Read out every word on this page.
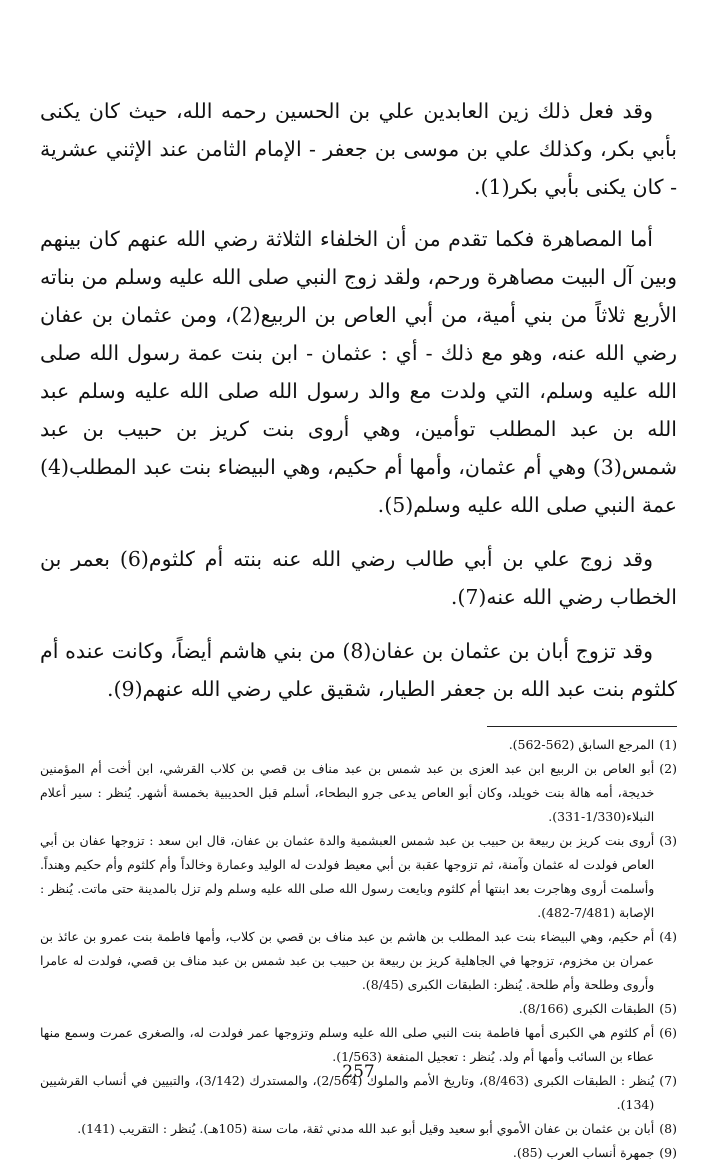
وقد فعل ذلك زين العابدين علي بن الحسين رحمه الله، حيث كان يكنى بأبي بكر، وكذلك علي بن موسى بن جعفر - الإمام الثامن عند الإثني عشرية - كان يكنى بأبي بكر(1).

أما المصاهرة فكما تقدم من أن الخلفاء الثلاثة رضي الله عنهم كان بينهم وبين آل البيت مصاهرة ورحم، ولقد زوج النبي صلى الله عليه وسلم من بناته الأربع ثلاثاً من بني أمية، من أبي العاص بن الربيع(2)، ومن عثمان بن عفان رضي الله عنه، وهو مع ذلك - أي : عثمان - ابن بنت عمة رسول الله صلى الله عليه وسلم، التي ولدت مع والد رسول الله صلى الله عليه وسلم عبد الله بن عبد المطلب توأمين، وهي أروى بنت كريز بن حبيب بن عبد شمس(3) وهي أم عثمان، وأمها أم حكيم، وهي البيضاء بنت عبد المطلب(4) عمة النبي صلى الله عليه وسلم(5).

وقد زوج علي بن أبي طالب رضي الله عنه بنته أم كلثوم(6) بعمر بن الخطاب رضي الله عنه(7).

وقد تزوج أبان بن عثمان بن عفان(8) من بني هاشم أيضاً، وكانت عنده أم كلثوم بنت عبد الله بن جعفر الطيار، شقيق علي رضي الله عنهم(9).

(1)
المرجع السابق (562-562).
(2)
أبو العاص بن الربيع ابن عبد العزى بن عبد شمس بن عبد مناف بن قصي بن كلاب القرشي، ابن أخت أم المؤمنين خديجة، أمه هالة بنت خويلد، وكان أبو العاص يدعى جرو البطحاء، أسلم قبل الحديبية بخمسة أشهر. يُنظر : سير أعلام النبلاء(1/330-331).
(3)
أروى بنت كريز بن ربيعة بن حبيب بن عبد شمس العبشمية والدة عثمان بن عفان، قال ابن سعد : تزوجها عفان بن أبي العاص فولدت له عثمان وآمنة، ثم تزوجها عقبة بن أبي معيط فولدت له الوليد وعمارة وخالداً وأم كلثوم وأم حكيم وهنداً. وأسلمت أروى وهاجرت بعد ابنتها أم كلثوم وبايعت رسول الله صلى الله عليه وسلم ولم تزل بالمدينة حتى ماتت. يُنظر : الإصابة (7/481-482).
(4)
أم حكيم، وهي البيضاء بنت عبد المطلب بن هاشم بن عبد مناف بن قصي بن كلاب، وأمها فاطمة بنت عمرو بن عائذ بن عمران بن مخزوم، تزوجها في الجاهلية كريز بن ربيعة بن حبيب بن عبد شمس بن عبد مناف بن قصي، فولدت له عامرا وأروى وطلحة وأم طلحة. يُنظر: الطبقات الكبرى (8/45).
(5)
الطبقات الكبرى (8/166).
(6)
أم كلثوم هي الكبرى أمها فاطمة بنت النبي صلى الله عليه وسلم وتزوجها عمر فولدت له، والصغرى عمرت وسمع منها عطاء بن السائب وأمها أم ولد. يُنظر : تعجيل المنفعة (1/563).
(7)
يُنظر : الطبقات الكبرى (8/463)، وتاريخ الأمم والملوك (2/564)، والمستدرك (3/142)، والتبيين في أنساب القرشيين (134).
(8)
أبان بن عثمان بن عفان الأموي أبو سعيد وقيل أبو عبد الله مدني ثقة، مات سنة (105هـ). يُنظر : التقريب (141).
(9)
جمهرة أنساب العرب (85).
257
